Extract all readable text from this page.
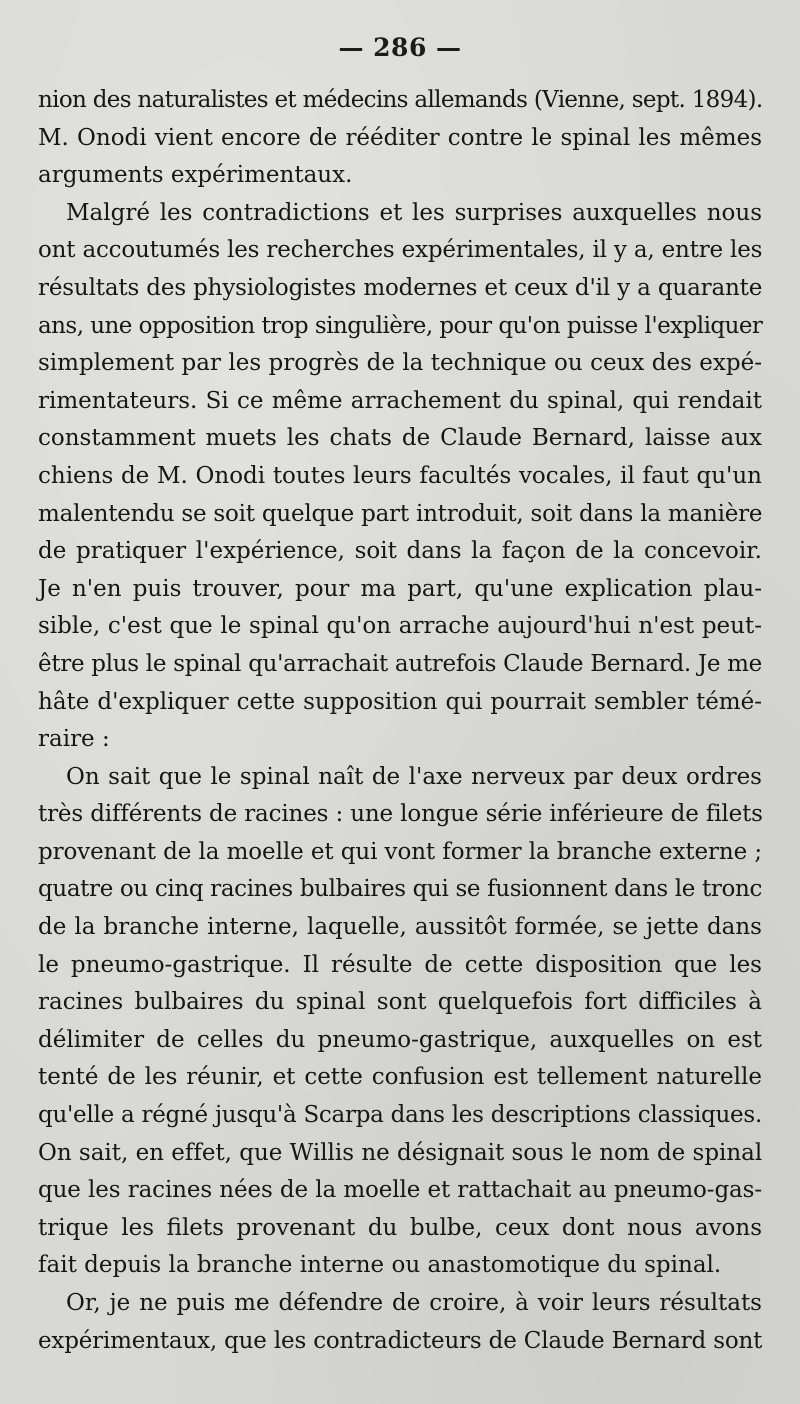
— 286 —
nion des naturalistes et médecins allemands (Vienne, sept. 1894).
M. Onodi vient encore de rééditer contre le spinal les mêmes
arguments expérimentaux.
Malgré les contradictions et les surprises auxquelles nous
ont accoutumés les recherches expérimentales, il y a, entre les
résultats des physiologistes modernes et ceux d'il y a quarante
ans, une opposition trop singulière, pour qu'on puisse l'expliquer
simplement par les progrès de la technique ou ceux des expé-
rimentateurs. Si ce même arrachement du spinal, qui rendait
constamment muets les chats de Claude Bernard, laisse aux
chiens de M. Onodi toutes leurs facultés vocales, il faut qu'un
malentendu se soit quelque part introduit, soit dans la manière
de pratiquer l'expérience, soit dans la façon de la concevoir.
Je n'en puis trouver, pour ma part, qu'une explication plau-
sible, c'est que le spinal qu'on arrache aujourd'hui n'est peut-
être plus le spinal qu'arrachait autrefois Claude Bernard. Je me
hâte d'expliquer cette supposition qui pourrait sembler témé-
raire :
On sait que le spinal naît de l'axe nerveux par deux ordres
très différents de racines : une longue série inférieure de filets
provenant de la moelle et qui vont former la branche externe ;
quatre ou cinq racines bulbaires qui se fusionnent dans le tronc
de la branche interne, laquelle, aussitôt formée, se jette dans
le pneumo-gastrique. Il résulte de cette disposition que les
racines bulbaires du spinal sont quelquefois fort difficiles à
délimiter de celles du pneumo-gastrique, auxquelles on est
tenté de les réunir, et cette confusion est tellement naturelle
qu'elle a régné jusqu'à Scarpa dans les descriptions classiques.
On sait, en effet, que Willis ne désignait sous le nom de spinal
que les racines nées de la moelle et rattachait au pneumo-gas-
trique les filets provenant du bulbe, ceux dont nous avons
fait depuis la branche interne ou anastomotique du spinal.
Or, je ne puis me défendre de croire, à voir leurs résultats
expérimentaux, que les contradicteurs de Claude Bernard sont
